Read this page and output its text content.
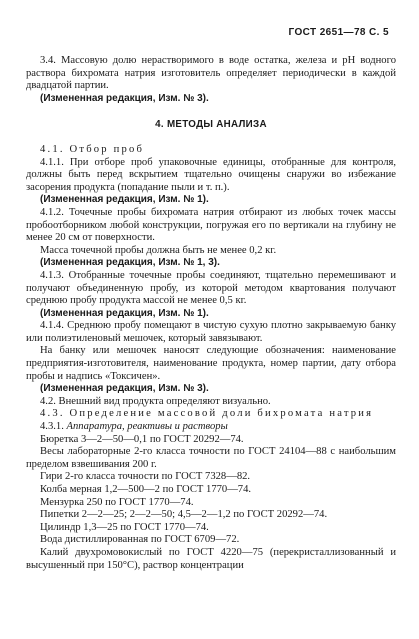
ГОСТ 2651—78 С. 5

3.4. Массовую долю нерастворимого в воде остатка, железа и pH водного раствора бихромата натрия изготовитель определяет периодически в каждой двадцатой партии.

(Измененная редакция, Изм. № 3).

4. МЕТОДЫ АНАЛИЗА

4.1. Отбор проб

4.1.1. При отборе проб упаковочные единицы, отобранные для контроля, должны быть перед вскрытием тщательно очищены снаружи во избежание засорения продукта (попадание пыли и т. п.).

(Измененная редакция, Изм. № 1).

4.1.2. Точечные пробы бихромата натрия отбирают из любых точек массы пробоотборником любой конструкции, погружая его по вертикали на глубину не менее 20 см от поверхности.

Масса точечной пробы должна быть не менее 0,2 кг.

(Измененная редакция, Изм. № 1, 3).

4.1.3. Отобранные точечные пробы соединяют, тщательно перемешивают и получают объединенную пробу, из которой методом квартования получают среднюю пробу продукта массой не менее 0,5 кг.

(Измененная редакция, Изм. № 1).

4.1.4. Среднюю пробу помещают в чистую сухую плотно закрываемую банку или полиэтиленовый мешочек, который завязывают.

На банку или мешочек наносят следующие обозначения: наименование предприятия-изготовителя, наименование продукта, номер партии, дату отбора пробы и надпись «Токсичен».

(Измененная редакция, Изм. № 3).

4.2. Внешний вид продукта определяют визуально.

4.3. Определение массовой доли бихромата натрия

4.3.1. Аппаратура, реактивы и растворы

Бюретка 3—2—50—0,1 по ГОСТ 20292—74.

Весы лабораторные 2-го класса точности по ГОСТ 24104—88 с наибольшим пределом взвешивания 200 г.

Гири 2-го класса точности по ГОСТ 7328—82.

Колба мерная 1,2—500—2 по ГОСТ 1770—74.

Мензурка 250 по ГОСТ 1770—74.

Пипетки 2—2—25; 2—2—50; 4,5—2—1,2 по ГОСТ 20292—74.

Цилиндр 1,3—25 по ГОСТ 1770—74.

Вода дистиллированная по ГОСТ 6709—72.

Калий двухромовокислый по ГОСТ 4220—75 (перекристаллизованный и высушенный при 150°С), раствор концентрации
